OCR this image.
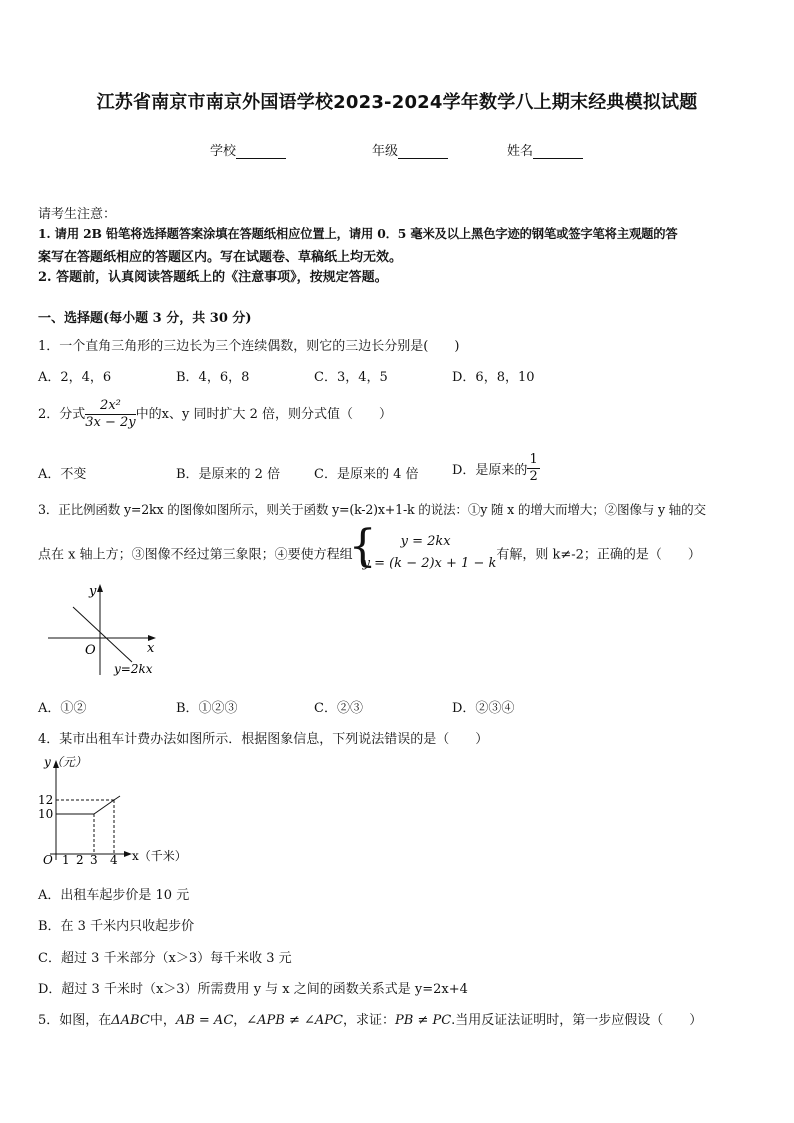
江苏省南京市南京外国语学校2023-2024学年数学八上期末经典模拟试题
学校	年级	姓名
请考生注意：
1. 请用 2B 铅笔将选择题答案涂填在答题纸相应位置上，请用 0．5 毫米及以上黑色字迹的钢笔或签字笔将主观题的答
案写在答题纸相应的答题区内。写在试题卷、草稿纸上均无效。
2. 答题前，认真阅读答题纸上的《注意事项》，按规定答题。
一、选择题(每小题 3 分，共 30 分)
1．一个直角三角形的三边长为三个连续偶数，则它的三边长分别是(　　)
A．2，4，6	B．4，6，8	C．3，4，5	D．6，8，10
2．分式 $\frac{\text{2x²}}{3x - 2y}$ 中的x、y 同时扩大 2 倍，则分式值（　　）
A．不变	B．是原来的 2 倍	C．是原来的 4 倍	D．是原来的 $\frac{1}{2}$
3．正比例函数 y=2kx 的图像如图所示，则关于函数 y=(k-2)x+1-k 的说法：①y 随 x 的增大而增大；②图像与 y 轴的交
点在 x 轴上方；③图像不经过第三象限；④要使方程组
{	y = 2kx
y = (k − 2)x + 1 − k
有解，则 k≠-2；正确的是（　　）
y
x
O
y=2kx
A．①②	B．①②③	C．②③	D．②③④
4．某市出租车计费办法如图所示．根据图象信息，下列说法错误的是（　　）
y（元）
12
10
O 1 2 3 4 x（千米）
A．出租车起步价是 10 元
B．在 3 千米内只收起步价
C．超过 3 千米部分（x＞3）每千米收 3 元
D．超过 3 千米时（x＞3）所需费用 y 与 x 之间的函数关系式是 y=2x+4
5．如图，在ΔABC中，AB = AC，∠APB ≠ ∠APC，求证：PB ≠ PC.当用反证法证明时，第一步应假设（　　）
